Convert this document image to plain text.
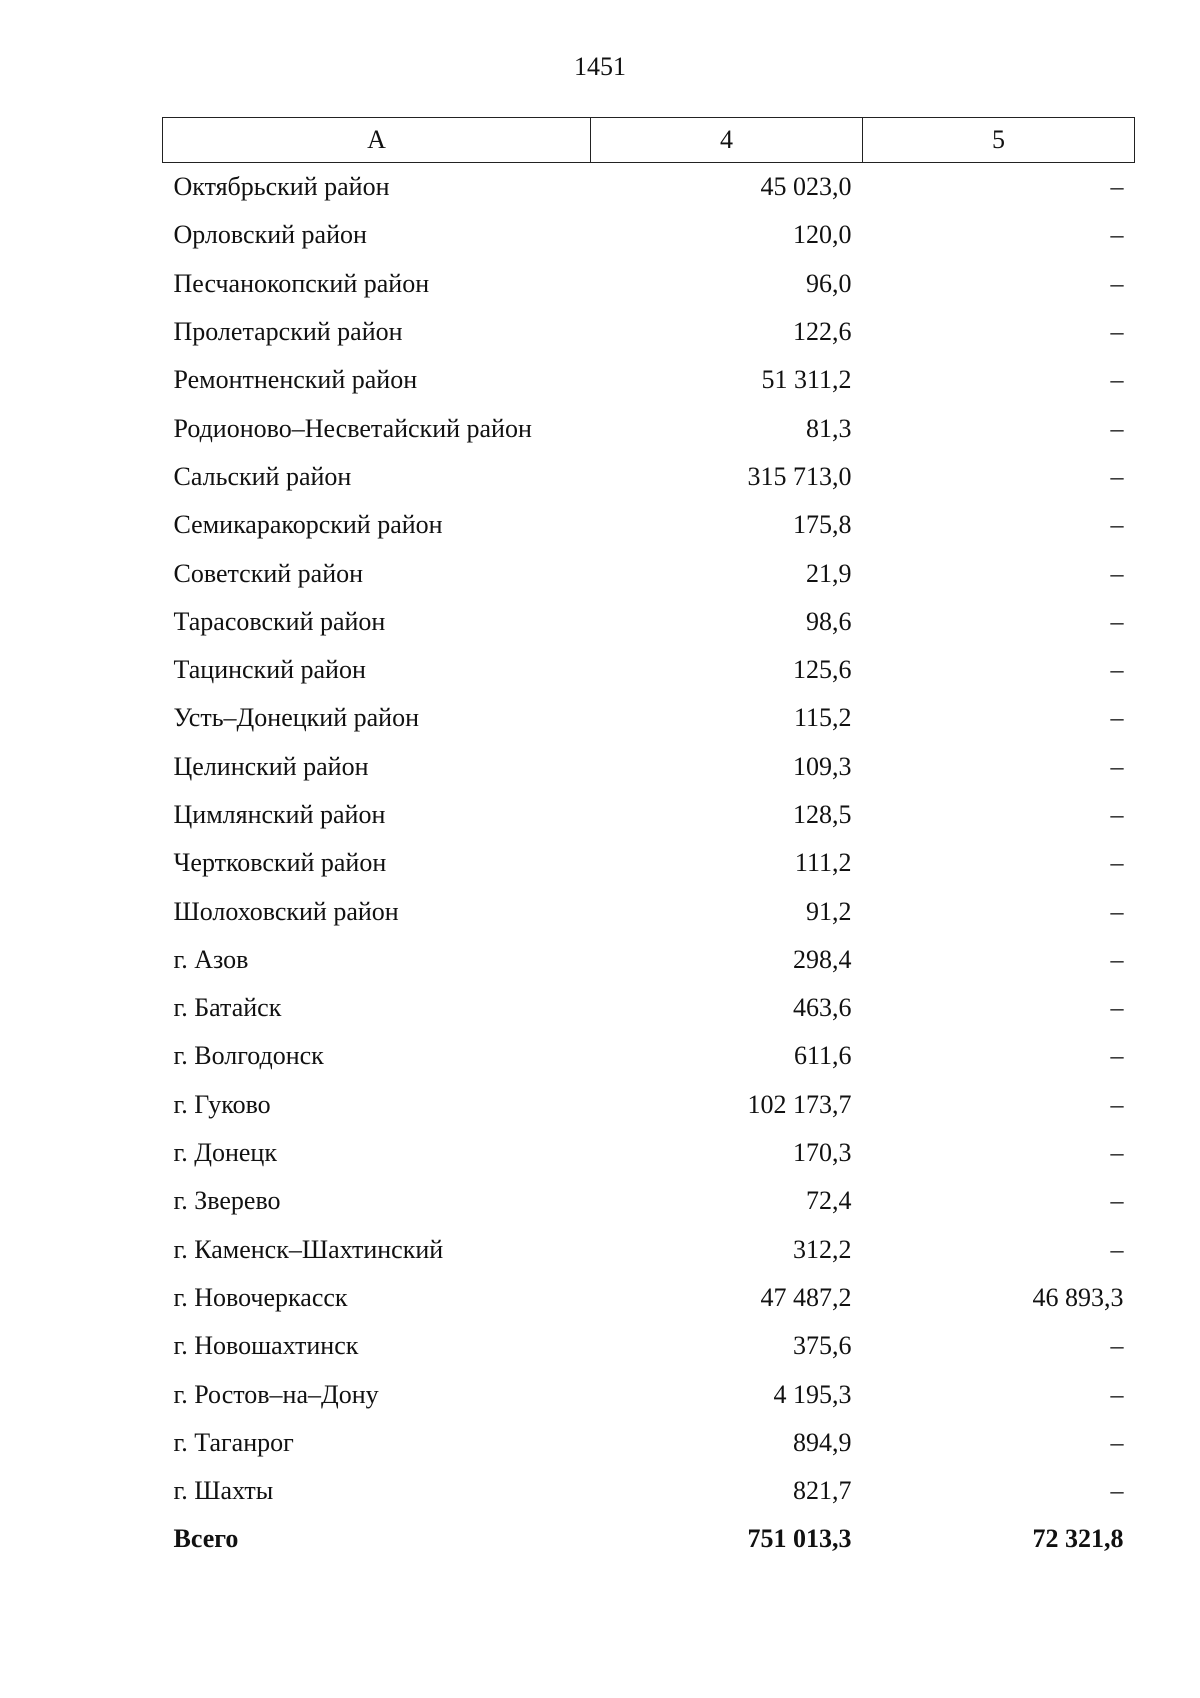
1451
А	4	5
Октябрьский район	45 023,0	–
Орловский район	120,0	–
Песчанокопский район	96,0	–
Пролетарский район	122,6	–
Ремонтненский район	51 311,2	–
Родионово–Несветайский район	81,3	–
Сальский район	315 713,0	–
Семикаракорский район	175,8	–
Советский район	21,9	–
Тарасовский район	98,6	–
Тацинский район	125,6	–
Усть–Донецкий район	115,2	–
Целинский район	109,3	–
Цимлянский район	128,5	–
Чертковский район	111,2	–
Шолоховский район	91,2	–
г. Азов	298,4	–
г. Батайск	463,6	–
г. Волгодонск	611,6	–
г. Гуково	102 173,7	–
г. Донецк	170,3	–
г. Зверево	72,4	–
г. Каменск–Шахтинский	312,2	–
г. Новочеркасск	47 487,2	46 893,3
г. Новошахтинск	375,6	–
г. Ростов–на–Дону	4 195,3	–
г. Таганрог	894,9	–
г. Шахты	821,7	–
Всего	751 013,3	72 321,8
